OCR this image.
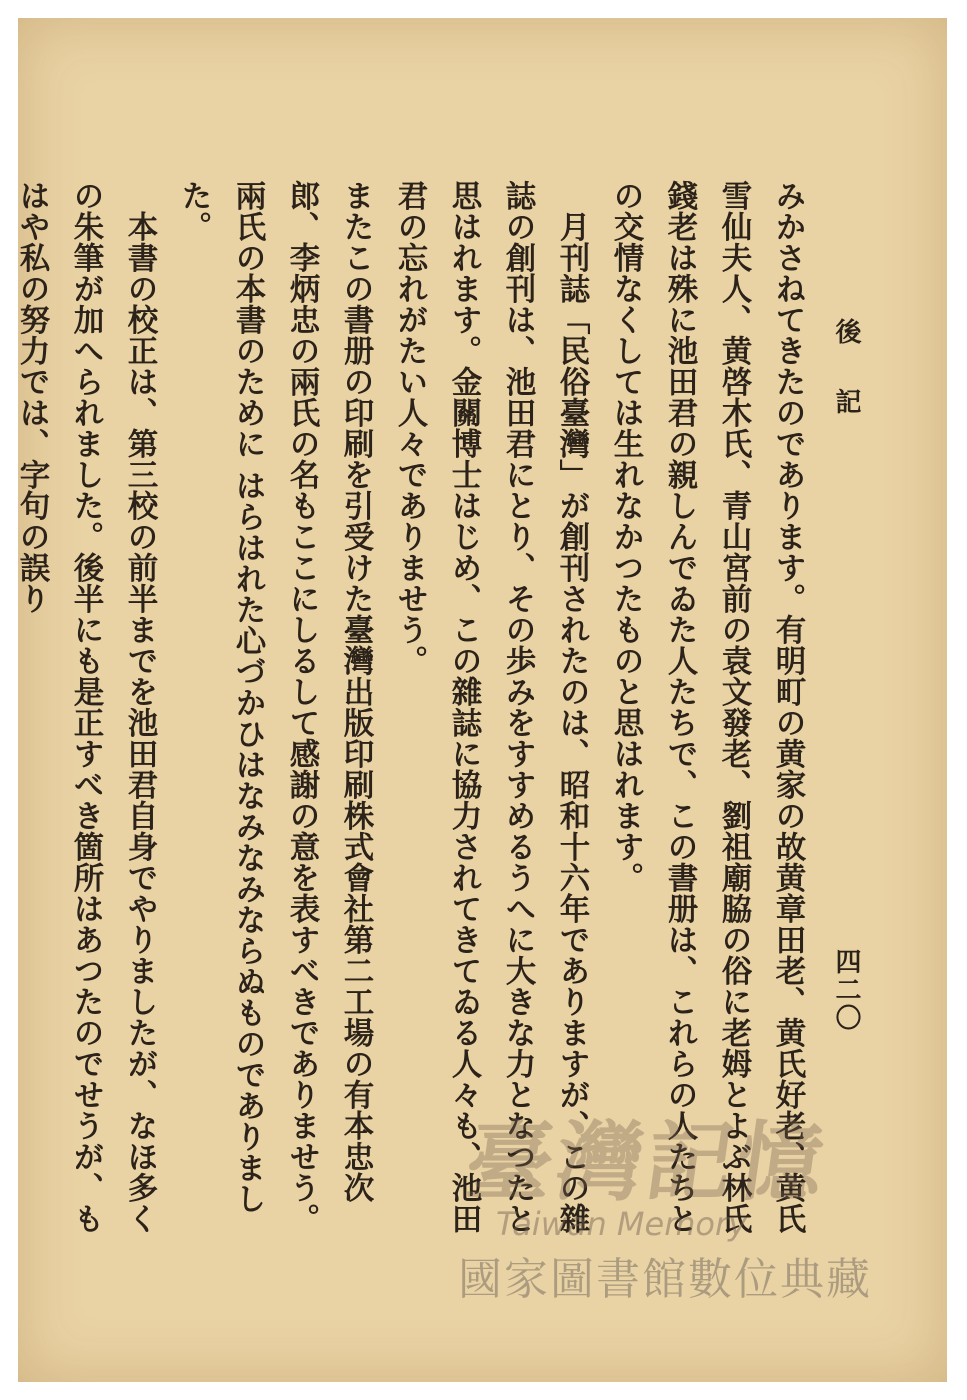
後記
四二〇

みかさねてきたのであります。有明町の黄家の故黄章田老、黄氏好老、黄氏雪仙夫人、黄啓木氏、青山宮前の袁文發老、劉祖廟脇の俗に老姆とよぶ林氏錢老は殊に池田君の親しんでゐた人たちで、この書册は、これらの人たちとの交情なくしては生れなかつたものと思はれます。

月刊誌「民俗臺灣」が創刊されたのは、昭和十六年でありますが、この雜誌の創刊は、池田君にとり、その歩みをすすめるうへに大きな力となつたと思はれます。金關博士はじめ、この雜誌に協力されてきてゐる人々も、池田君の忘れがたい人々でありませう。

またこの書册の印刷を引受けた臺灣出版印刷株式會社第二工場の有本忠次郎、李炳忠の兩氏の名もここにしるして感謝の意を表すべきでありませう。兩氏の本書のために はらはれた心づかひはなみなみならぬものでありました。

本書の校正は、第三校の前半までを池田君自身でやりましたが、なほ多くの朱筆が加へられました。後半にも是正すべき箇所はあつたのでせうが、もはや私の努力では、字句の誤り

臺灣記憶
Taiwan Memory
國家圖書館數位典藏
